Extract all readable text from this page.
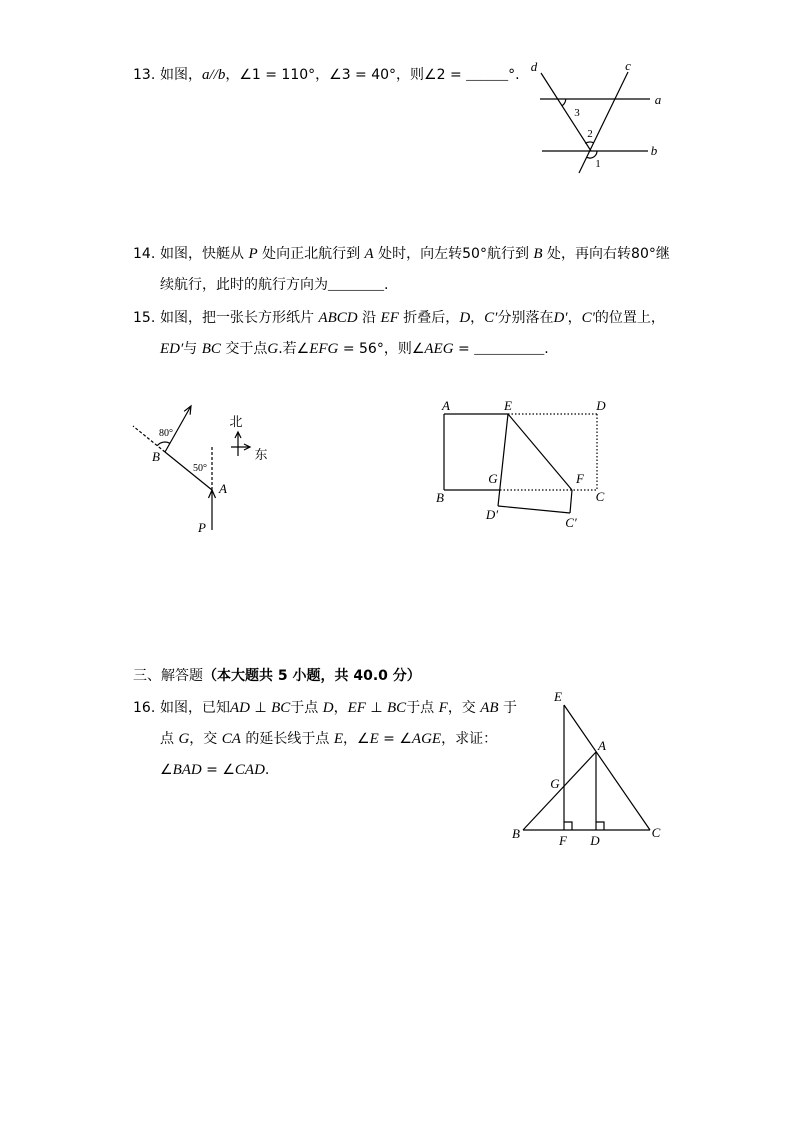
13. 如图，a//b，∠1 = 110°，∠3 = 40°，则∠2 = ______°.
14. 如图，快艇从 P 处向正北航行到 A 处时，向左转50°航行到 B 处，再向右转80°继
续航行，此时的航行方向为________.
15. 如图，把一张长方形纸片 ABCD 沿 EF 折叠后，D，C′分别落在D′，C′的位置上，
ED′与 BC 交于点G.若∠EFG = 56°，则∠AEG = __________.
三、解答题（本大题共 5 小题，共 40.0 分）
16. 如图，已知AD ⊥ BC于点 D，EF ⊥ BC于点 F，交 AB 于
点 G，交 CA 的延长线于点 E，∠E = ∠AGE，求证：
∠BAD = ∠CAD.
d	c
a
b
3
2
1
P
A
B
80°
50°
北
东
A	E	D
B
G	F
C
D′
C′
E
A
G
B	F D
C
